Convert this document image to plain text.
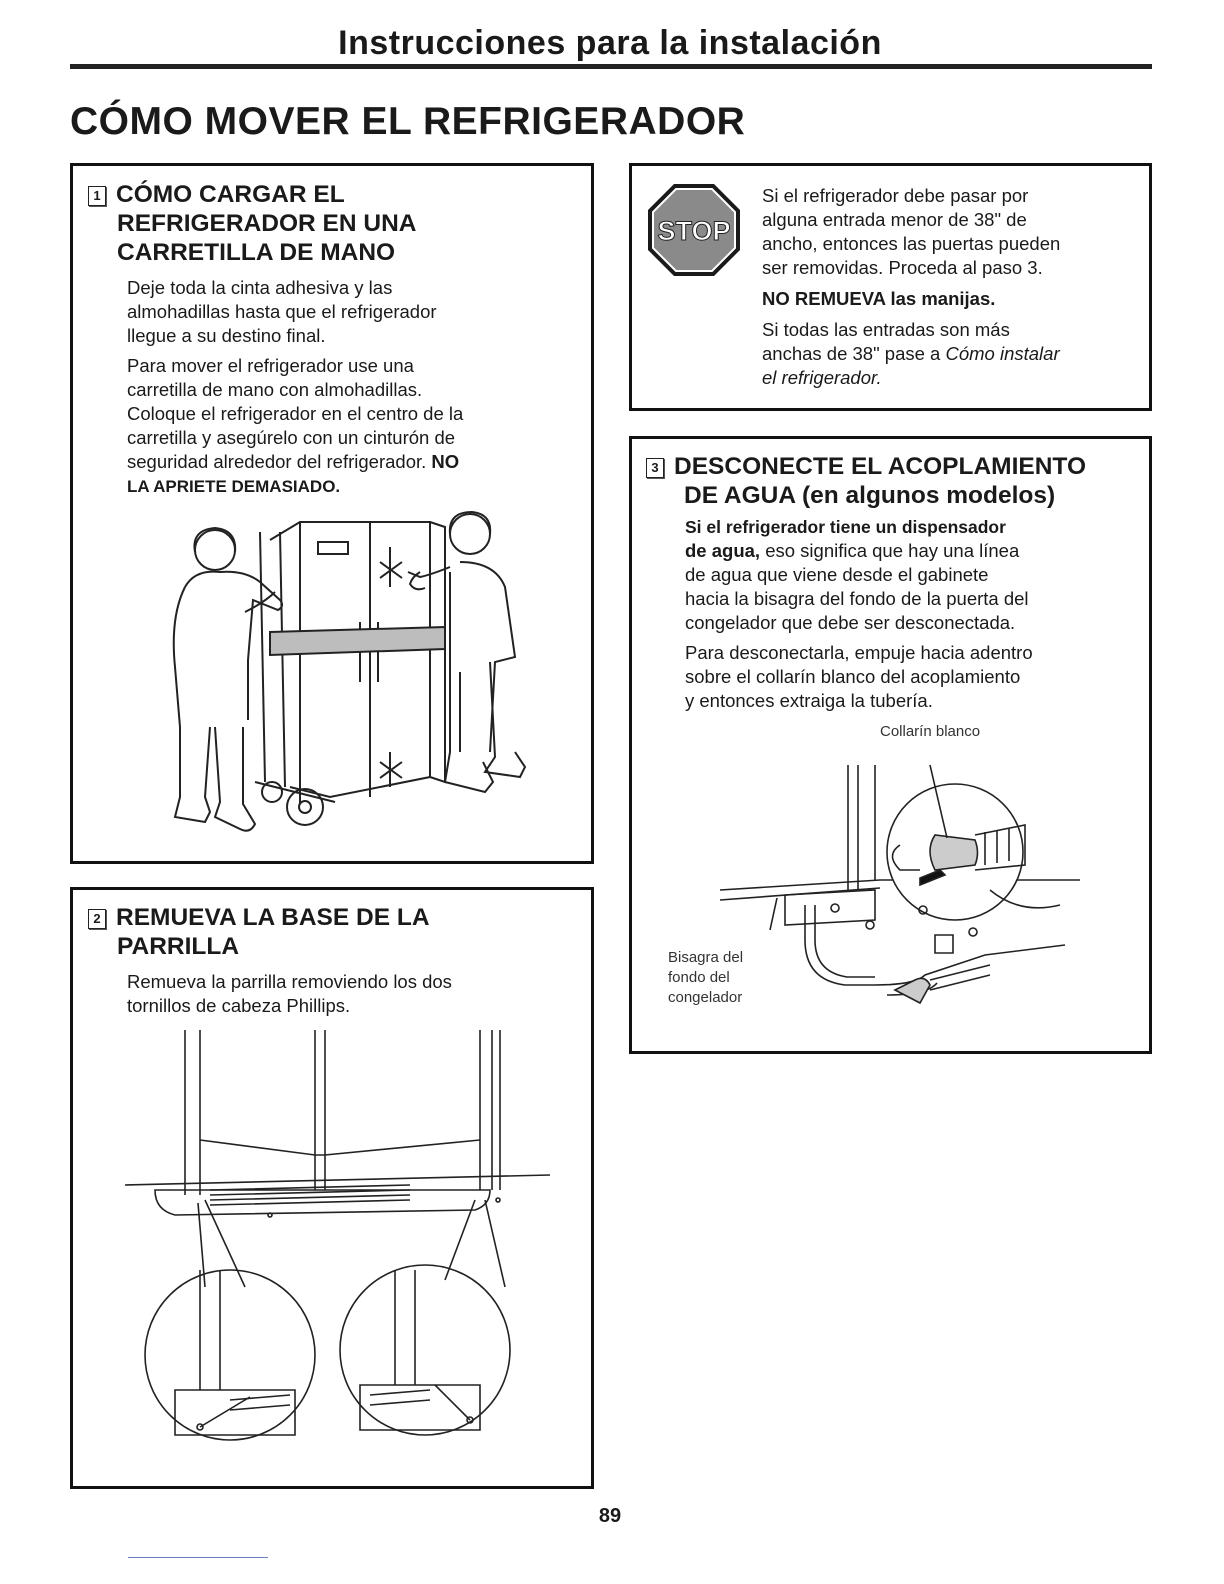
Instrucciones para la instalación
CÓMO MOVER EL REFRIGERADOR
1 CÓMO CARGAR EL
REFRIGERADOR EN UNA
CARRETILLA DE MANO

Deje toda la cinta adhesiva y las
almohadillas hasta que el refrigerador
llegue a su destino final.

Para mover el refrigerador use una
carretilla de mano con almohadillas.
Coloque el refrigerador en el centro de la
carretilla y asegúrelo con un cinturón de
seguridad alrededor del refrigerador. NO
LA APRIETE DEMASIADO.

2 REMUEVA LA BASE DE LA
PARRILLA
Remueva la parrilla removiendo los dos
tornillos de cabeza Phillips.
STOP

Si el refrigerador debe pasar por
alguna entrada menor de 38" de
ancho, entonces las puertas pueden
ser removidas. Proceda al paso 3.

NO REMUEVA las manijas.

Si todas las entradas son más
anchas de 38" pase a Cómo instalar
el refrigerador.

3 DESCONECTE EL ACOPLAMIENTO
DE AGUA (en algunos modelos)

Si el refrigerador tiene un dispensador
de agua, eso significa que hay una línea
de agua que viene desde el gabinete
hacia la bisagra del fondo de la puerta del
congelador que debe ser desconectada.

Para desconectarla, empuje hacia adentro
sobre el collarín blanco del acoplamiento
y entonces extraiga la tubería.

Collarín blanco
Bisagra del
fondo del
congelador
89
